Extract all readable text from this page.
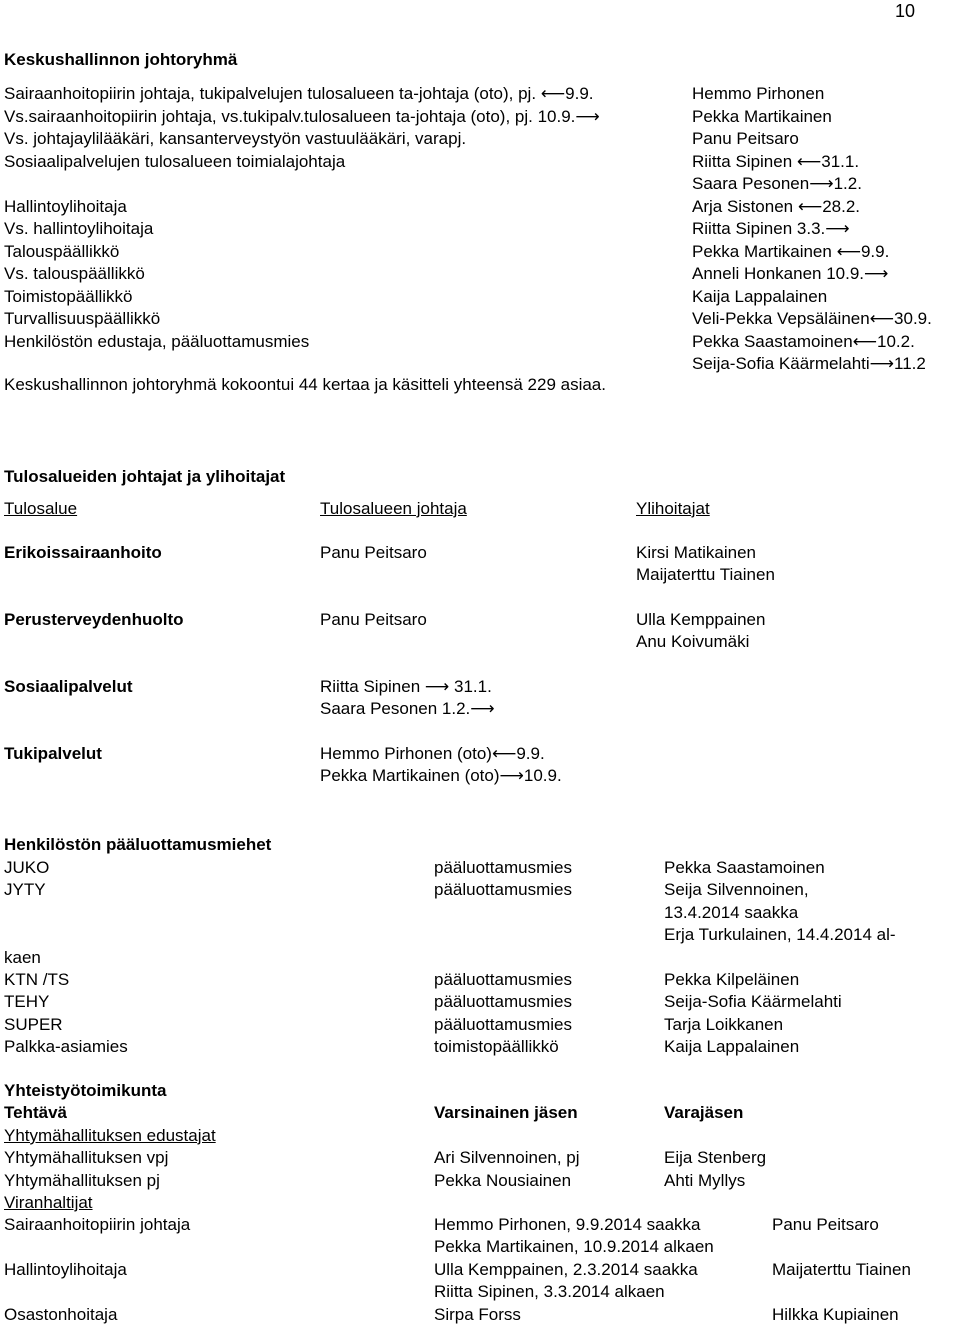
10
Keskushallinnon johtoryhmä
Sairaanhoitopiirin johtaja, tukipalvelujen tulosalueen ta-johtaja (oto), pj. ⟵9.9.	Hemmo Pirhonen
Vs.sairaanhoitopiirin johtaja, vs.tukipalv.tulosalueen ta-johtaja (oto), pj. 10.9.⟶	Pekka Martikainen
Vs. johtajaylilääkäri, kansanterveystyön vastuulääkäri, varapj.	Panu Peitsaro
Sosiaalipalvelujen tulosalueen toimialajohtaja	Riitta Sipinen ⟵31.1.
Saara Pesonen⟶1.2.
Hallintoylihoitaja	Arja Sistonen ⟵28.2.
Vs. hallintoylihoitaja	Riitta Sipinen 3.3.⟶
Talouspäällikkö	Pekka Martikainen ⟵9.9.
Vs. talouspäällikkö	Anneli Honkanen 10.9.⟶
Toimistopäällikkö	Kaija Lappalainen
Turvallisuuspäällikkö	Veli-Pekka Vepsäläinen⟵30.9.
Henkilöstön edustaja, pääluottamusmies	Pekka Saastamoinen⟵10.2.
Seija-Sofia Käärmelahti⟶11.2
Keskushallinnon johtoryhmä kokoontui 44 kertaa ja käsitteli yhteensä 229 asiaa.
Tulosalueiden johtajat ja ylihoitajat
Tulosalue	Tulosalueen johtaja	Ylihoitajat
Erikoissairaanhoito	Panu Peitsaro	Kirsi Matikainen
Maijaterttu Tiainen
Perusterveydenhuolto	Panu Peitsaro	Ulla Kemppainen
Anu Koivumäki
Sosiaalipalvelut	Riitta Sipinen ⟶ 31.1.
Saara Pesonen 1.2.⟶
Tukipalvelut	Hemmo Pirhonen (oto)⟵9.9.
Pekka Martikainen (oto)⟶10.9.
Henkilöstön pääluottamusmiehet
JUKO	pääluottamusmies	Pekka Saastamoinen
JYTY	pääluottamusmies	Seija Silvennoinen,
13.4.2014 saakka
Erja Turkulainen, 14.4.2014 al-
kaen
KTN /TS	pääluottamusmies	Pekka Kilpeläinen
TEHY	pääluottamusmies	Seija-Sofia Käärmelahti
SUPER	pääluottamusmies	Tarja Loikkanen
Palkka-asiamies	toimistopäällikkö	Kaija Lappalainen
Yhteistyötoimikunta
Tehtävä	Varsinainen jäsen	Varajäsen
Yhtymähallituksen edustajat
Yhtymähallituksen vpj	Ari Silvennoinen, pj	Eija Stenberg
Yhtymähallituksen pj	Pekka Nousiainen	Ahti Myllys
Viranhaltijat
Sairaanhoitopiirin johtaja	Hemmo Pirhonen, 9.9.2014 saakka	Panu Peitsaro
Pekka Martikainen, 10.9.2014 alkaen
Hallintoylihoitaja	Ulla Kemppainen, 2.3.2014 saakka	Maijaterttu Tiainen
Riitta Sipinen, 3.3.2014 alkaen
Osastonhoitaja	Sirpa Forss	Hilkka Kupiainen
